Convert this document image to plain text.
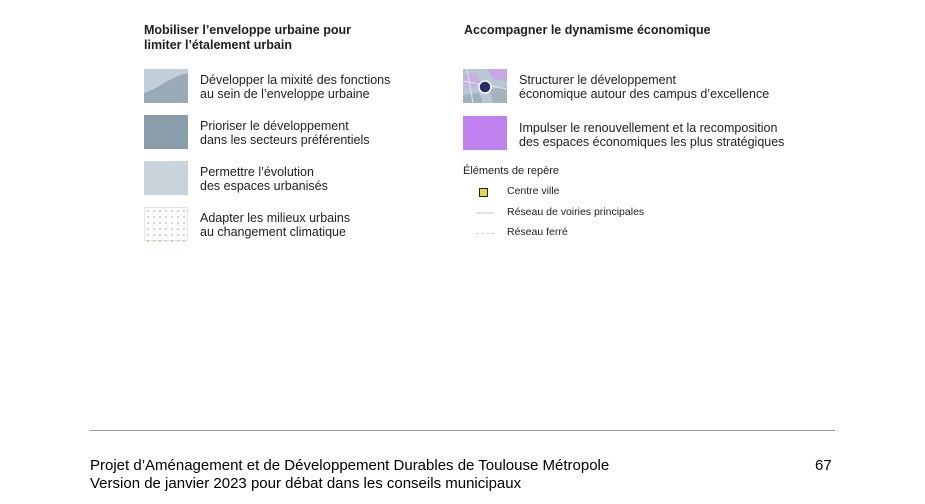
Mobiliser l’enveloppe urbaine pour
limiter l’étalement urbain
Développer la mixité des fonctions
au sein de l’enveloppe urbaine
Prioriser le développement
dans les secteurs préférentiels
Permettre l’évolution
des espaces urbanisés
Adapter les milieux urbains
au changement climatique
Accompagner le dynamisme économique
Structurer le développement
économique autour des campus d’excellence
Impulser le renouvellement et la recomposition
des espaces économiques les plus stratégiques
Éléments de repère
Centre ville
Réseau de voiries principales
Réseau ferré
Projet d’Aménagement et de Développement Durables de Toulouse Métropole
Version de janvier 2023 pour débat dans les conseils municipaux
67
